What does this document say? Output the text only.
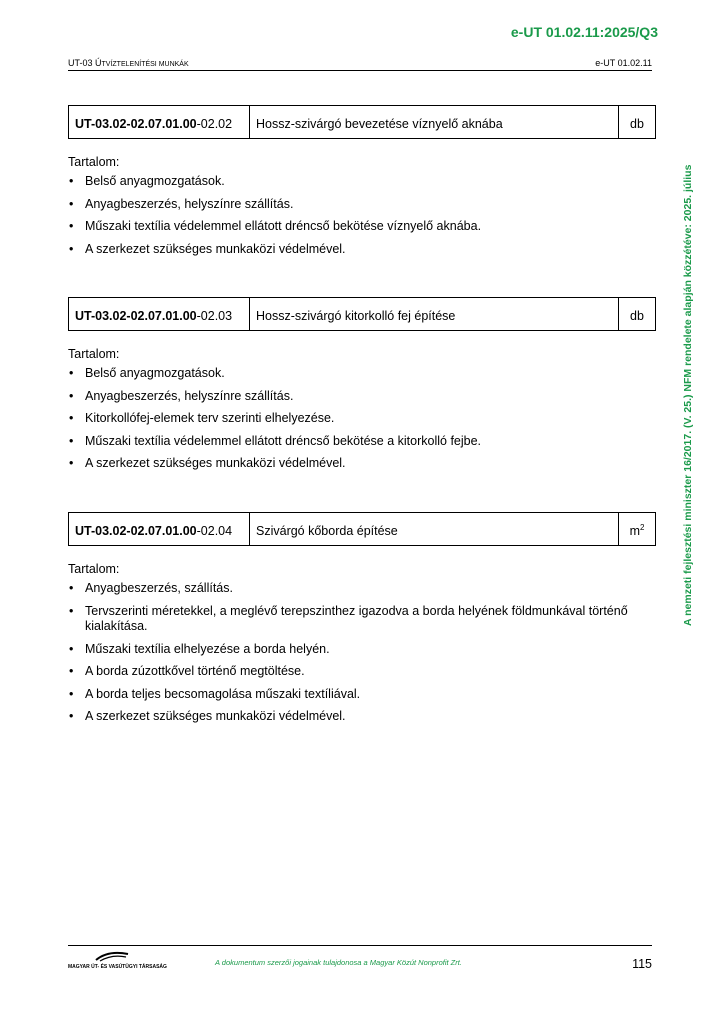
e-UT 01.02.11:2025/Q3
UT-03 ÚTVÍZTELENÍTÉSI MUNKÁK	e-UT 01.02.11
A nemzeti fejlesztési miniszter 16/2017. (V. 25.) NFM rendelete alapján közzétéve: 2025. július
UT-03.02-02.07.01.00-02.02	Hossz-szivárgó bevezetése víznyelő aknába	db
Tartalom:
• Belső anyagmozgatások.
• Anyagbeszerzés, helyszínre szállítás.
• Műszaki textília védelemmel ellátott dréncső bekötése víznyelő aknába.
• A szerkezet szükséges munkaközi védelmével.
UT-03.02-02.07.01.00-02.03	Hossz-szivárgó kitorkolló fej építése	db
Tartalom:
• Belső anyagmozgatások.
• Anyagbeszerzés, helyszínre szállítás.
• Kitorkollófej-elemek terv szerinti elhelyezése.
• Műszaki textília védelemmel ellátott dréncső bekötése a kitorkolló fejbe.
• A szerkezet szükséges munkaközi védelmével.
UT-03.02-02.07.01.00-02.04	Szivárgó kőborda építése	$m^2$
Tartalom:
• Anyagbeszerzés, szállítás.
• Tervszerinti méretekkel, a meglévő terepszinthez igazodva a borda helyének földmunkával történő kialakítása.
• Műszaki textília elhelyezése a borda helyén.
• A borda zúzottkővel történő megtöltése.
• A borda teljes becsomagolása műszaki textíliával.
• A szerkezet szükséges munkaközi védelmével.
MAGYAR ÚT- ÉS VASÚTÜGYI TÁRSASÁG	A dokumentum szerzői jogainak tulajdonosa a Magyar Közút Nonprofit Zrt.	115
